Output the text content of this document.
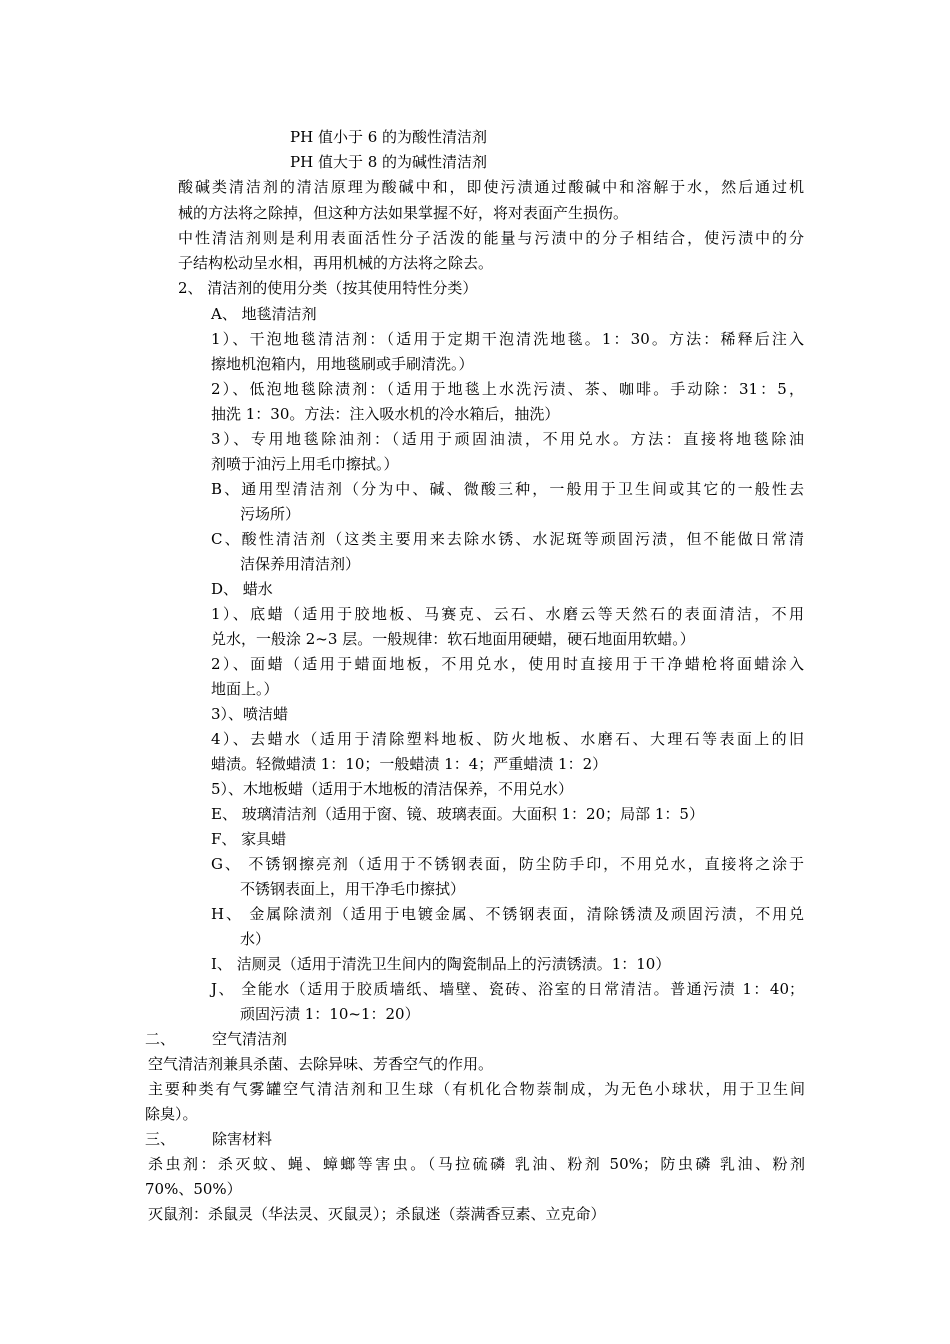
PH 值小于 6 的为酸性清洁剂
PH 值大于 8 的为碱性清洁剂
酸碱类清洁剂的清洁原理为酸碱中和，即使污渍通过酸碱中和溶解于水，然后通过机
械的方法将之除掉，但这种方法如果掌握不好，将对表面产生损伤。
中性清洁剂则是利用表面活性分子活泼的能量与污渍中的分子相结合，使污渍中的分
子结构松动呈水相，再用机械的方法将之除去。
2、 清洁剂的使用分类（按其使用特性分类）
A、 地毯清洁剂
1）、干泡地毯清洁剂：（适用于定期干泡清洗地毯。1：30。方法：稀释后注入
擦地机泡箱内，用地毯刷或手刷清洗。）
2）、低泡地毯除渍剂：（适用于地毯上水洗污渍、茶、咖啡。手动除：31：5，
抽洗 1：30。方法：注入吸水机的冷水箱后，抽洗）
3）、专用地毯除油剂：（适用于顽固油渍，不用兑水。方法：直接将地毯除油
剂喷于油污上用毛巾擦拭。）
B、通用型清洁剂（分为中、碱、微酸三种，一般用于卫生间或其它的一般性去
污场所）
C、酸性清洁剂（这类主要用来去除水锈、水泥斑等顽固污渍，但不能做日常清
洁保养用清洁剂）
D、 蜡水
1）、底蜡（适用于胶地板、马赛克、云石、水磨云等天然石的表面清洁，不用
兑水，一般涂 2~3 层。一般规律：软石地面用硬蜡，硬石地面用软蜡。）
2）、面蜡（适用于蜡面地板，不用兑水，使用时直接用于干净蜡枪将面蜡涂入
地面上。）
3）、喷洁蜡
4）、去蜡水（适用于清除塑料地板、防火地板、水磨石、大理石等表面上的旧
蜡渍。轻微蜡渍 1：10；一般蜡渍 1：4；严重蜡渍 1：2）
5）、木地板蜡（适用于木地板的清洁保养，不用兑水）
E、 玻璃清洁剂（适用于窗、镜、玻璃表面。大面积 1：20；局部 1：5）
F、 家具蜡
G、 不锈钢擦亮剂（适用于不锈钢表面，防尘防手印，不用兑水，直接将之涂于
不锈钢表面上，用干净毛巾擦拭）
H、 金属除渍剂（适用于电镀金属、不锈钢表面，清除锈渍及顽固污渍，不用兑
水）
I、 洁厕灵（适用于清洗卫生间内的陶瓷制品上的污渍锈渍。1：10）
J、 全能水（适用于胶质墙纸、墙壁、瓷砖、浴室的日常清洁。普通污渍 1：40；
顽固污渍 1：10~1：20）
二、 空气清洁剂
空气清洁剂兼具杀菌、去除异味、芳香空气的作用。
主要种类有气雾罐空气清洁剂和卫生球（有机化合物萘制成，为无色小球状，用于卫生间
除臭）。
三、 除害材料
杀虫剂：杀灭蚊、蝇、蟑螂等害虫。（马拉硫磷 乳油、粉剂 50%；防虫磷 乳油、粉剂
70%、50%）
灭鼠剂：杀鼠灵（华法灵、灭鼠灵）；杀鼠迷（萘满香豆素、立克命）
